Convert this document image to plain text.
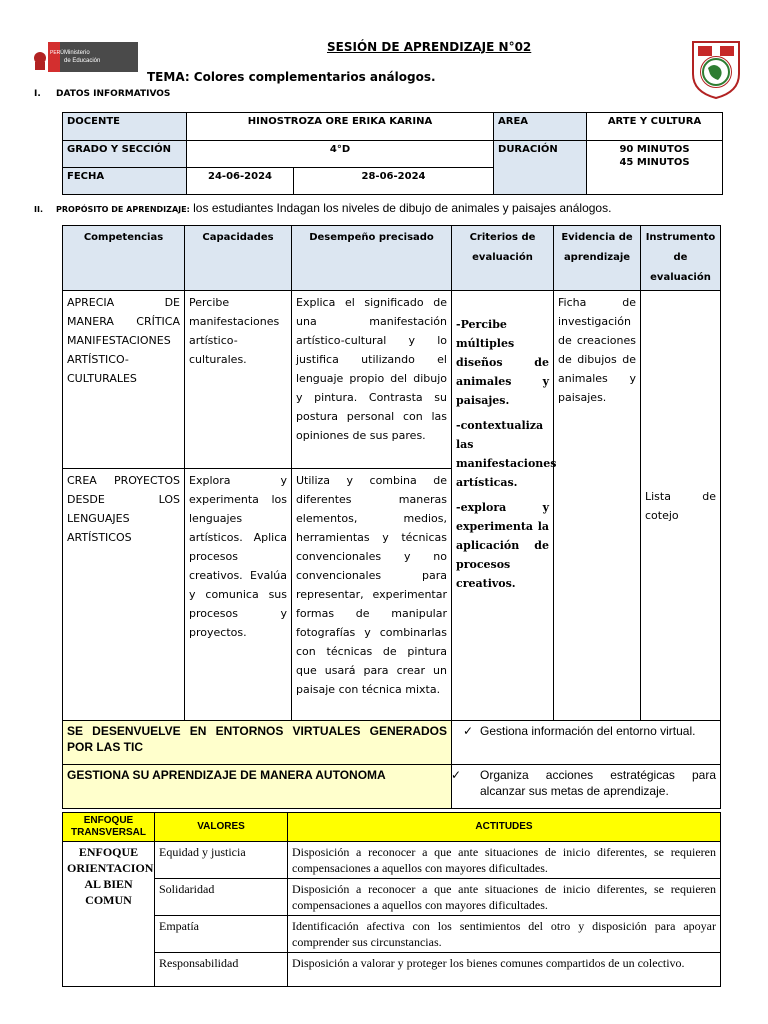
PERÚ Ministerio
de Educación
SESIÓN DE APRENDIZAJE N°02
TEMA: Colores complementarios análogos.
I. DATOS INFORMATIVOS
DOCENTE	HINOSTROZA ORE ERIKA KARINA		AREA	ARTE Y CULTURA
GRADO Y SECCIÓN	4°D		DURACIÓN	90 MINUTOS
45 MINUTOS

FECHA	24-06-2024	28-06-2024		
II. PROPÓSITO DE APRENDIZAJE: los estudiantes Indagan los niveles de dibujo de animales y paisajes análogos.
Competencias	Capacidades	Desempeño precisado	Criterios de evaluación	Evidencia de aprendizaje	Instrumento de evaluación
APRECIA DE MANERA CRÍTICA MANIFESTACIONES ARTÍSTICO-CULTURALES	Percibe manifestaciones artístico-culturales.	Explica el significado de una manifestación artístico-cultural y lo justifica utilizando el lenguaje propio del dibujo y pintura. Contrasta su postura personal con las opiniones de sus pares.	-Percibe múltiples diseños de animales y paisajes.

-contextualiza las manifestaciones artísticas.

-explora y experimenta la aplicación de procesos creativos.	Ficha de investigación de creaciones de dibujos de animales y paisajes.	Lista de cotejo
CREA PROYECTOS DESDE LOS LENGUAJES ARTÍSTICOS	Explora y experimenta los lenguajes artísticos. Aplica procesos creativos. Evalúa y comunica sus procesos y proyectos.	Utiliza y combina de diferentes maneras elementos, medios, herramientas y técnicas convencionales y no convencionales para representar, experimentar formas de manipular fotografías y combinarlas con técnicas de pintura que usará para crear un paisaje con técnica mixta.			
SE DESENVUELVE EN ENTORNOS VIRTUALES GENERADOS POR LAS TIC	✓ Gestiona información del entorno virtual.
GESTIONA SU APRENDIZAJE DE MANERA AUTONOMA	✓Organiza acciones estratégicas para alcanzar sus metas de aprendizaje.
ENFOQUE TRANSVERSAL	VALORES	ACTITUDES
ENFOQUE ORIENTACION AL BIEN COMUN	Equidad y justicia	Disposición a reconocer a que ante situaciones de inicio diferentes, se requieren compensaciones a aquellos con mayores dificultades.
	Solidaridad	Disposición a reconocer a que ante situaciones de inicio diferentes, se requieren compensaciones a aquellos con mayores dificultades.
	Empatía	Identificación afectiva con los sentimientos del otro y disposición para apoyar comprender sus circunstancias.
	Responsabilidad	Disposición a valorar y proteger los bienes comunes compartidos de un colectivo.
